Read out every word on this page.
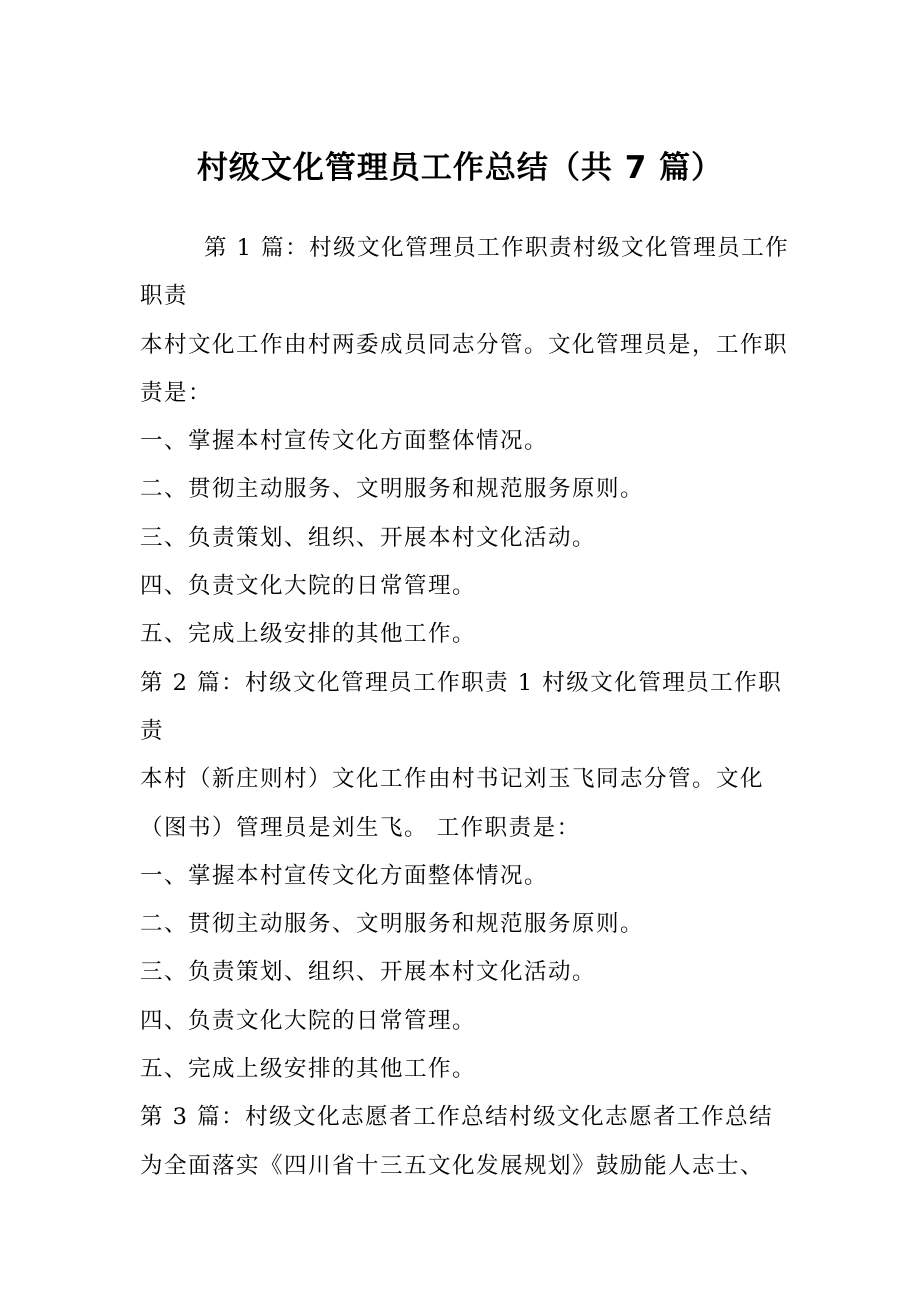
村级文化管理员工作总结（共 7 篇）

第 1 篇：村级文化管理员工作职责村级文化管理员工作职责

本村文化工作由村两委成员同志分管。文化管理员是，工作职责是：

一、掌握本村宣传文化方面整体情况。

二、贯彻主动服务、文明服务和规范服务原则。

三、负责策划、组织、开展本村文化活动。

四、负责文化大院的日常管理。

五、完成上级安排的其他工作。

第 2 篇：村级文化管理员工作职责 1 村级文化管理员工作职责

本村（新庄则村）文化工作由村书记刘玉飞同志分管。文化（图书）管理员是刘生飞。 工作职责是：

一、掌握本村宣传文化方面整体情况。

二、贯彻主动服务、文明服务和规范服务原则。

三、负责策划、组织、开展本村文化活动。

四、负责文化大院的日常管理。

五、完成上级安排的其他工作。

第 3 篇：村级文化志愿者工作总结村级文化志愿者工作总结

为全面落实《四川省十三五文化发展规划》鼓励能人志士、
